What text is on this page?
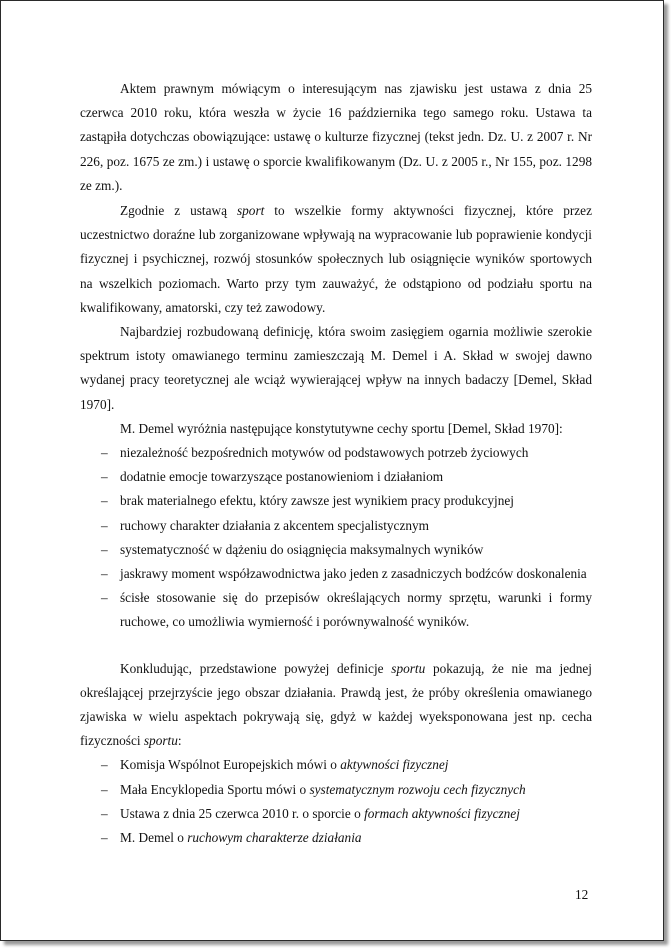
Aktem prawnym mówiącym o interesującym nas zjawisku jest ustawa z dnia 25 czerwca 2010 roku, która weszła w życie 16 października tego samego roku. Ustawa ta zastąpiła dotychczas obowiązujące: ustawę o kulturze fizycznej (tekst jedn. Dz. U. z 2007 r. Nr 226, poz. 1675 ze zm.) i ustawę o sporcie kwalifikowanym (Dz. U. z 2005 r., Nr 155, poz. 1298 ze zm.).

Zgodnie z ustawą sport to wszelkie formy aktywności fizycznej, które przez uczestnictwo doraźne lub zorganizowane wpływają na wypracowanie lub poprawienie kondycji fizycznej i psychicznej, rozwój stosunków społecznych lub osiągnięcie wyników sportowych na wszelkich poziomach. Warto przy tym zauważyć, że odstąpiono od podziału sportu na kwalifikowany, amatorski, czy też zawodowy.

Najbardziej rozbudowaną definicję, która swoim zasięgiem ogarnia możliwie szerokie spektrum istoty omawianego terminu zamieszczają M. Demel i A. Skład w swojej dawno wydanej pracy teoretycznej ale wciąż wywierającej wpływ na innych badaczy [Demel, Skład 1970].

M. Demel wyróżnia następujące konstytutywne cechy sportu [Demel, Skład 1970]:

– niezależność bezpośrednich motywów od podstawowych potrzeb życiowych
– dodatnie emocje towarzyszące postanowieniom i działaniom
– brak materialnego efektu, który zawsze jest wynikiem pracy produkcyjnej
– ruchowy charakter działania z akcentem specjalistycznym
– systematyczność w dążeniu do osiągnięcia maksymalnych wyników
– jaskrawy moment współzawodnictwa jako jeden z zasadniczych bodźców doskonalenia

– ścisłe stosowanie się do przepisów określających normy sprzętu, warunki i formy ruchowe, co umożliwia wymierność i porównywalność wyników.

Konkludując, przedstawione powyżej definicje sportu pokazują, że nie ma jednej określającej przejrzyście jego obszar działania. Prawdą jest, że próby określenia omawianego zjawiska w wielu aspektach pokrywają się, gdyż w każdej wyeksponowana jest np. cecha fizyczności sportu:

– Komisja Wspólnot Europejskich mówi o aktywności fizycznej
– Mała Encyklopedia Sportu mówi o systematycznym rozwoju cech fizycznych
– Ustawa z dnia 25 czerwca 2010 r. o sporcie o formach aktywności fizycznej
– M. Demel o ruchowym charakterze działania
12
